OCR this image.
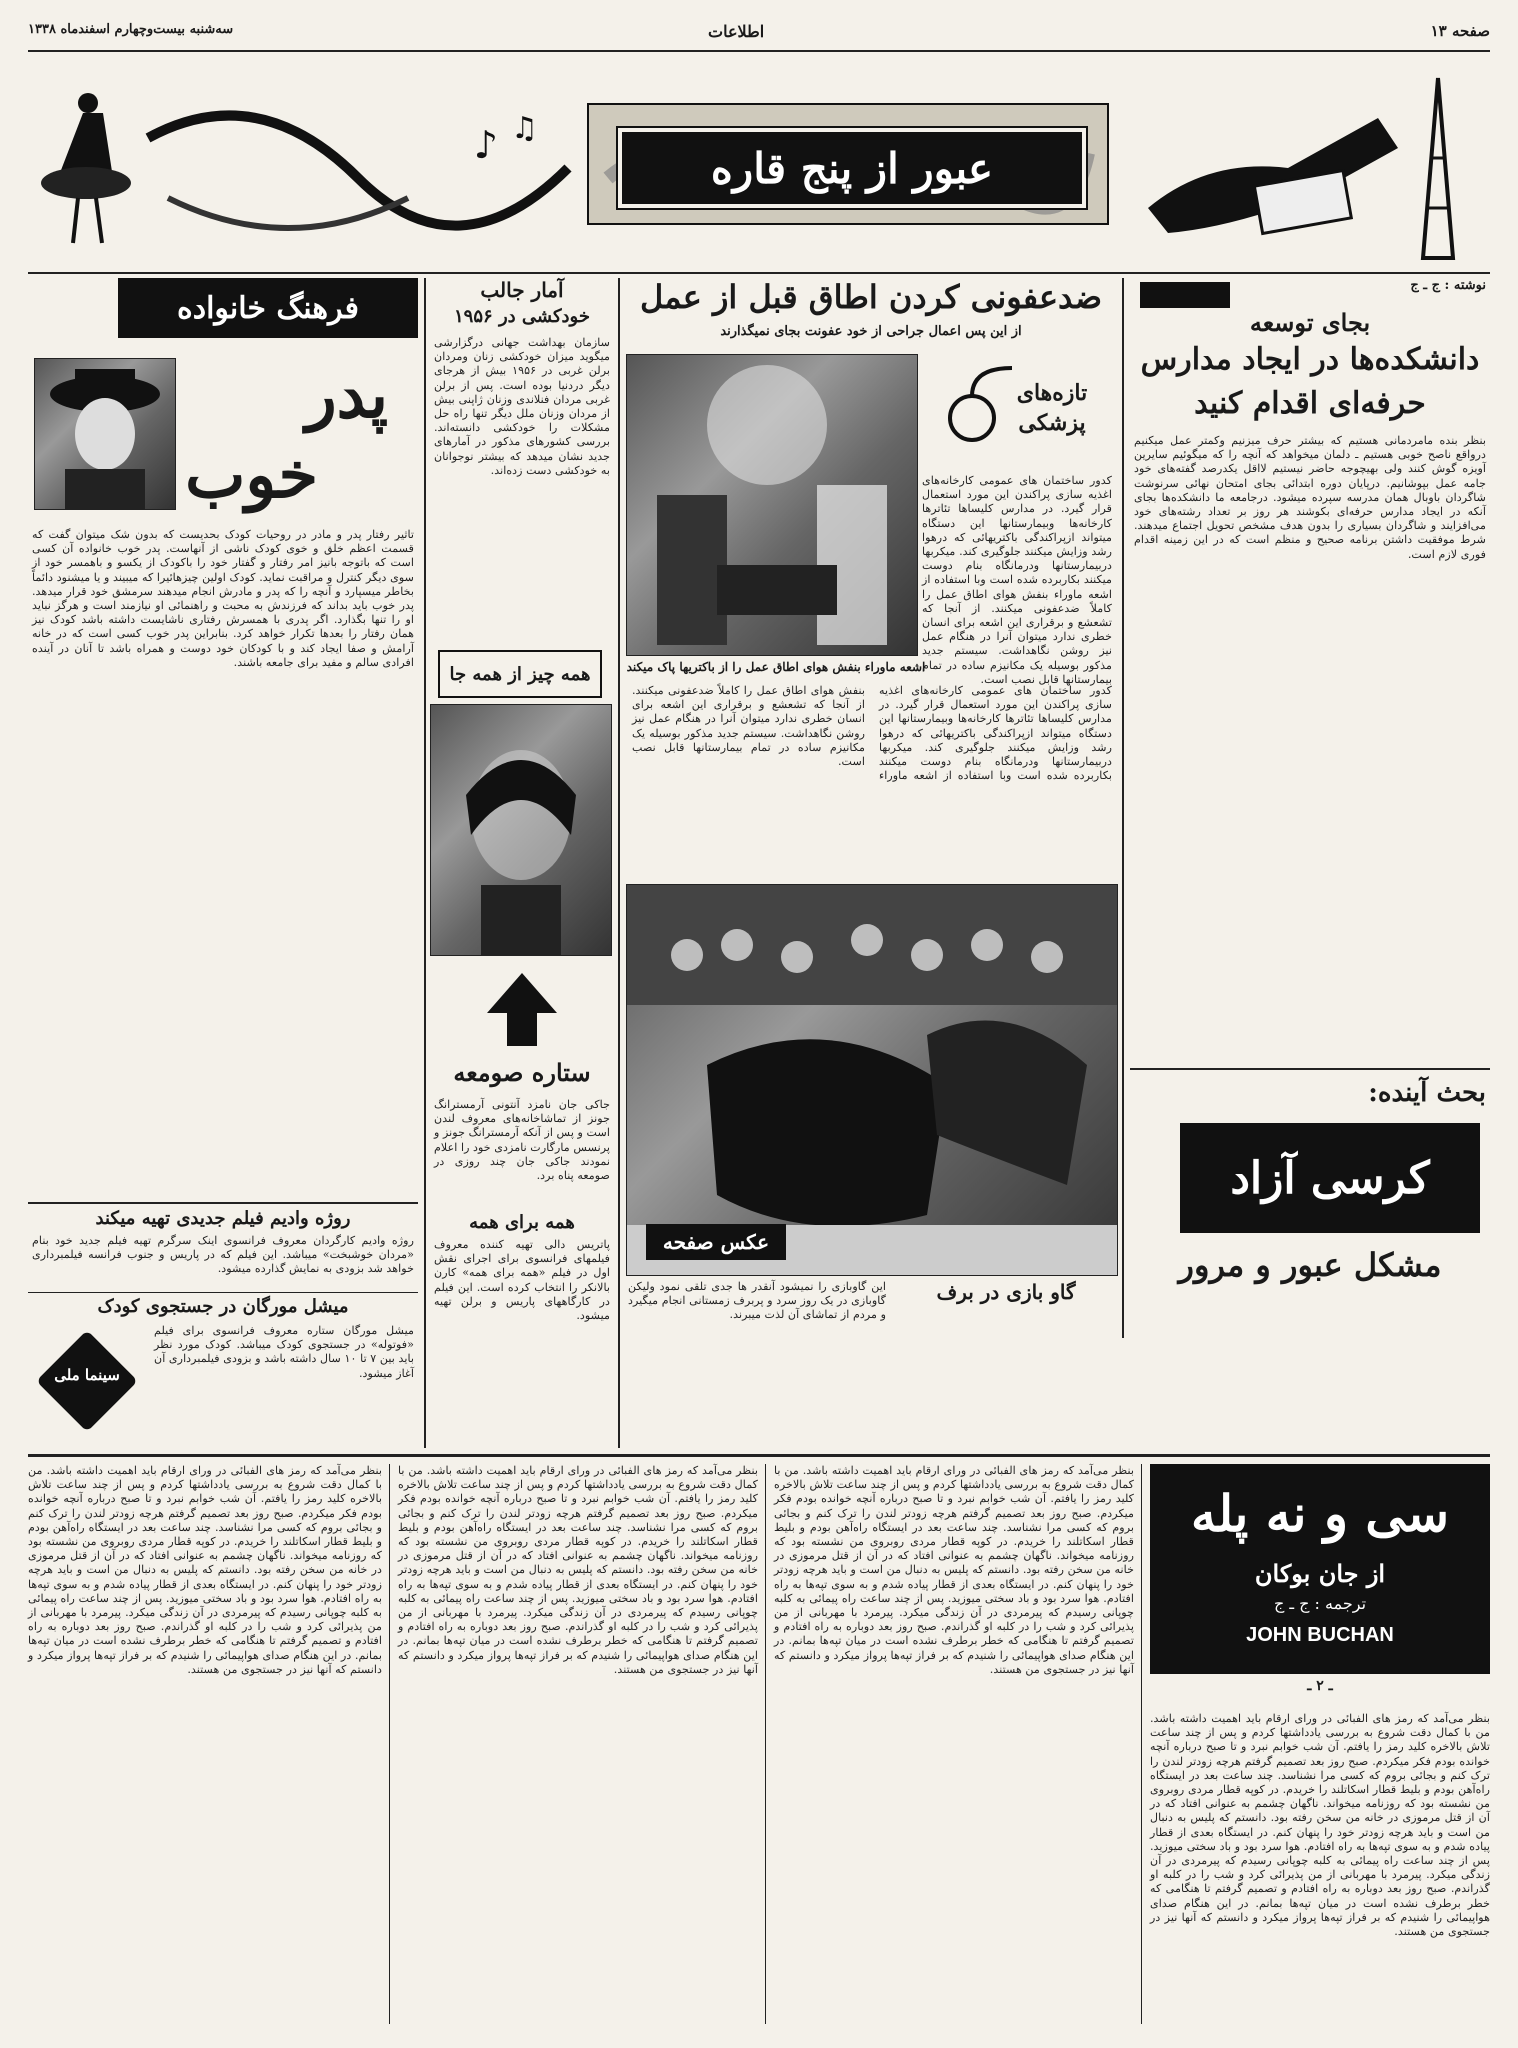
صفحه ۱۳
اطلاعات
سه‌شنبه بیست‌وچهارم اسفندماه ۱۳۳۸
♪ ♫
عبور از پنج قاره
نوشته : ج ـ ج
بجای توسعه
دانشکده‌ها در ایجاد مدارس
حرفه‌ای اقدام کنید
بنظر بنده مامردمانی هستیم که بیشتر حرف میزنیم وکمتر عمل میکنیم درواقع ناصح خوبی هستیم ـ دلمان میخواهد که آنچه را که میگوئیم سایرین آویزه گوش کنند ولی بهیچوجه حاضر نیستیم لااقل یکدرصد گفته‌های خود جامه عمل بپوشانیم. درپایان دوره ابتدائی بجای امتحان نهائی سرنوشت شاگردان باوبال همان مدرسه سپرده میشود. درجامعه ما دانشکده‌ها بجای آنکه در ایجاد مدارس حرفه‌ای بکوشند هر روز بر تعداد رشته‌های خود می‌افزایند و شاگردان بسیاری را بدون هدف مشخص تحویل اجتماع میدهند. شرط موفقیت داشتن برنامه صحیح و منظم است که در این زمینه اقدام فوری لازم است.
بحث آینده:
کرسی آزاد
مشکل عبور و مرور
ضدعفونی کردن اطاق قبل از عمل
از این پس اعمال جراحی از خود عفونت بجای نمیگذارند
تازه‌های پزشکی
کدور ساختمان های عمومی کارخانه‌های اغذیه سازی پراکندن این مورد استعمال قرار گیرد. در مدارس کلیساها تئاترها کارخانه‌ها وبیمارستانها این دستگاه میتواند ازپراکندگی باکتریهائی که درهوا رشد وزایش میکنند جلوگیری کند. میکربها دربیمارستانها ودرمانگاه بنام دوست میکنند بکاربرده شده است وبا استفاده از اشعه ماوراء بنفش هوای اطاق عمل را کاملاً ضدعفونی میکنند. از آنجا که تشعشع و برقراری این اشعه برای انسان خطری ندارد میتوان آنرا در هنگام عمل نیز روشن نگاهداشت. سیستم جدید مذکور بوسیله یک مکانیزم ساده در تمام بیمارستانها قابل نصب است.
اشعه ماوراء بنفش هوای اطاق عمل را از باکتریها پاک میکند
کدور ساختمان های عمومی کارخانه‌های اغذیه سازی پراکندن این مورد استعمال قرار گیرد. در مدارس کلیساها تئاترها کارخانه‌ها وبیمارستانها این دستگاه میتواند ازپراکندگی باکتریهائی که درهوا رشد وزایش میکنند جلوگیری کند. میکربها دربیمارستانها ودرمانگاه بنام دوست میکنند بکاربرده شده است وبا استفاده از اشعه ماوراء بنفش هوای اطاق عمل را کاملاً ضدعفونی میکنند. از آنجا که تشعشع و برقراری این اشعه برای انسان خطری ندارد میتوان آنرا در هنگام عمل نیز روشن نگاهداشت. سیستم جدید مذکور بوسیله یک مکانیزم ساده در تمام بیمارستانها قابل نصب است.
آمار جالب
خودکشی در ۱۹۵۶
سازمان بهداشت جهانی درگزارشی میگوید میزان خودکشی زنان ومردان برلن غربی در ۱۹۵۶ بیش از هرجای دیگر دردنیا بوده است. پس از برلن غربی مردان فنلاندی وزنان ژاپنی بیش از مردان وزنان ملل دیگر تنها راه حل مشکلات را خودکشی دانسته‌اند. بررسی کشورهای مذکور در آمارهای جدید نشان میدهد که بیشتر نوجوانان به خودکشی دست زده‌اند.
همه چیز از همه جا
ستاره صومعه
جاکی جان نامزد آنتونی آرمسترانگ جونز از تماشاخانه‌های معروف لندن است و پس از آنکه آرمسترانگ جونز و پرنسس مارگارت نامزدی خود را اعلام نمودند جاکی جان چند روزی در صومعه پناه برد.
فرهنگ خانواده
پدر
خوب
تاثیر رفتار پدر و مادر در روحیات کودک بحدیست که بدون شک میتوان گفت که قسمت اعظم خلق و خوی کودک ناشی از آنهاست. پدر خوب خانواده آن کسی است که باتوجه بانیز امر رفتار و گفتار خود را باکودک از یکسو و باهمسر خود از سوی دیگر کنترل و مراقبت نماید. کودک اولین چیزهائیرا که میبیند و یا میشنود دائماً بخاطر میسپارد و آنچه را که پدر و مادرش انجام میدهند سرمشق خود قرار میدهد. پدر خوب باید بداند که فرزندش به محبت و راهنمائی او نیازمند است و هرگز نباید او را تنها بگذارد. اگر پدری با همسرش رفتاری ناشایست داشته باشد کودک نیز همان رفتار را بعدها تکرار خواهد کرد. بنابراین پدر خوب کسی است که در خانه آرامش و صفا ایجاد کند و با کودکان خود دوست و همراه باشد تا آنان در آینده افرادی سالم و مفید برای جامعه باشند.
روژه وادیم فیلم جدیدی تهیه میکند
روژه وادیم کارگردان معروف فرانسوی اینک سرگرم تهیه فیلم جدید خود بنام «مردان خوشبخت» میباشد. این فیلم که در پاریس و جنوب فرانسه فیلمبرداری خواهد شد بزودی به نمایش گذارده میشود.
میشل مورگان در جستجوی کودک
میشل مورگان ستاره معروف فرانسوی برای فیلم «فوتوله» در جستجوی کودک میباشد. کودک مورد نظر باید بین ۷ تا ۱۰ سال داشته باشد و بزودی فیلمبرداری آن آغاز میشود.
سینما ملی
عکس صفحه
گاو بازی در برف
این گاوبازی را نمیشود آنقدر ها جدی تلقی نمود ولیکن گاوبازی در یک روز سرد و پربرف زمستانی انجام میگیرد و مردم از تماشای آن لذت میبرند.
همه برای همه
پاتریس دالی تهیه کننده معروف فیلمهای فرانسوی برای اجرای نقش اول در فیلم «همه برای همه» کارن بالانکر را انتخاب کرده است. این فیلم در کارگاههای پاریس و برلن تهیه میشود.
سی و نه پله
از جان بوکان
ترجمه : ج ـ ج
JOHN BUCHAN
ـ ۲ ـ
بنظر می‌آمد که رمز های الفبائی در ورای ارقام باید اهمیت داشته باشد. من با کمال دقت شروع به بررسی یادداشتها کردم و پس از چند ساعت تلاش بالاخره کلید رمز را یافتم. آن شب خوابم نبرد و تا صبح درباره آنچه خوانده بودم فکر میکردم. صبح روز بعد تصمیم گرفتم هرچه زودتر لندن را ترک کنم و بجائی بروم که کسی مرا نشناسد. چند ساعت بعد در ایستگاه راه‌آهن بودم و بلیط قطار اسکاتلند را خریدم. در کوپه قطار مردی روبروی من نشسته بود که روزنامه میخواند. ناگهان چشمم به عنوانی افتاد که در آن از قتل مرموزی در خانه من سخن رفته بود. دانستم که پلیس به دنبال من است و باید هرچه زودتر خود را پنهان کنم. در ایستگاه بعدی از قطار پیاده شدم و به سوی تپه‌ها به راه افتادم. هوا سرد بود و باد سختی میوزید. پس از چند ساعت راه پیمائی به کلبه چوپانی رسیدم که پیرمردی در آن زندگی میکرد. پیرمرد با مهربانی از من پذیرائی کرد و شب را در کلبه او گذراندم. صبح روز بعد دوباره به راه افتادم و تصمیم گرفتم تا هنگامی که خطر برطرف نشده است در میان تپه‌ها بمانم. در این هنگام صدای هواپیمائی را شنیدم که بر فراز تپه‌ها پرواز میکرد و دانستم که آنها نیز در جستجوی من هستند.
بنظر می‌آمد که رمز های الفبائی در ورای ارقام باید اهمیت داشته باشد. من با کمال دقت شروع به بررسی یادداشتها کردم و پس از چند ساعت تلاش بالاخره کلید رمز را یافتم. آن شب خوابم نبرد و تا صبح درباره آنچه خوانده بودم فکر میکردم. صبح روز بعد تصمیم گرفتم هرچه زودتر لندن را ترک کنم و بجائی بروم که کسی مرا نشناسد. چند ساعت بعد در ایستگاه راه‌آهن بودم و بلیط قطار اسکاتلند را خریدم. در کوپه قطار مردی روبروی من نشسته بود که روزنامه میخواند. ناگهان چشمم به عنوانی افتاد که در آن از قتل مرموزی در خانه من سخن رفته بود. دانستم که پلیس به دنبال من است و باید هرچه زودتر خود را پنهان کنم. در ایستگاه بعدی از قطار پیاده شدم و به سوی تپه‌ها به راه افتادم. هوا سرد بود و باد سختی میوزید. پس از چند ساعت راه پیمائی به کلبه چوپانی رسیدم که پیرمردی در آن زندگی میکرد. پیرمرد با مهربانی از من پذیرائی کرد و شب را در کلبه او گذراندم. صبح روز بعد دوباره به راه افتادم و تصمیم گرفتم تا هنگامی که خطر برطرف نشده است در میان تپه‌ها بمانم. در این هنگام صدای هواپیمائی را شنیدم که بر فراز تپه‌ها پرواز میکرد و دانستم که آنها نیز در جستجوی من هستند.
بنظر می‌آمد که رمز های الفبائی در ورای ارقام باید اهمیت داشته باشد. من با کمال دقت شروع به بررسی یادداشتها کردم و پس از چند ساعت تلاش بالاخره کلید رمز را یافتم. آن شب خوابم نبرد و تا صبح درباره آنچه خوانده بودم فکر میکردم. صبح روز بعد تصمیم گرفتم هرچه زودتر لندن را ترک کنم و بجائی بروم که کسی مرا نشناسد. چند ساعت بعد در ایستگاه راه‌آهن بودم و بلیط قطار اسکاتلند را خریدم. در کوپه قطار مردی روبروی من نشسته بود که روزنامه میخواند. ناگهان چشمم به عنوانی افتاد که در آن از قتل مرموزی در خانه من سخن رفته بود. دانستم که پلیس به دنبال من است و باید هرچه زودتر خود را پنهان کنم. در ایستگاه بعدی از قطار پیاده شدم و به سوی تپه‌ها به راه افتادم. هوا سرد بود و باد سختی میوزید. پس از چند ساعت راه پیمائی به کلبه چوپانی رسیدم که پیرمردی در آن زندگی میکرد. پیرمرد با مهربانی از من پذیرائی کرد و شب را در کلبه او گذراندم. صبح روز بعد دوباره به راه افتادم و تصمیم گرفتم تا هنگامی که خطر برطرف نشده است در میان تپه‌ها بمانم. در این هنگام صدای هواپیمائی را شنیدم که بر فراز تپه‌ها پرواز میکرد و دانستم که آنها نیز در جستجوی من هستند.
بنظر می‌آمد که رمز های الفبائی در ورای ارقام باید اهمیت داشته باشد. من با کمال دقت شروع به بررسی یادداشتها کردم و پس از چند ساعت تلاش بالاخره کلید رمز را یافتم. آن شب خوابم نبرد و تا صبح درباره آنچه خوانده بودم فکر میکردم. صبح روز بعد تصمیم گرفتم هرچه زودتر لندن را ترک کنم و بجائی بروم که کسی مرا نشناسد. چند ساعت بعد در ایستگاه راه‌آهن بودم و بلیط قطار اسکاتلند را خریدم. در کوپه قطار مردی روبروی من نشسته بود که روزنامه میخواند. ناگهان چشمم به عنوانی افتاد که در آن از قتل مرموزی در خانه من سخن رفته بود. دانستم که پلیس به دنبال من است و باید هرچه زودتر خود را پنهان کنم. در ایستگاه بعدی از قطار پیاده شدم و به سوی تپه‌ها به راه افتادم. هوا سرد بود و باد سختی میوزید. پس از چند ساعت راه پیمائی به کلبه چوپانی رسیدم که پیرمردی در آن زندگی میکرد. پیرمرد با مهربانی از من پذیرائی کرد و شب را در کلبه او گذراندم. صبح روز بعد دوباره به راه افتادم و تصمیم گرفتم تا هنگامی که خطر برطرف نشده است در میان تپه‌ها بمانم. در این هنگام صدای هواپیمائی را شنیدم که بر فراز تپه‌ها پرواز میکرد و دانستم که آنها نیز در جستجوی من هستند.
